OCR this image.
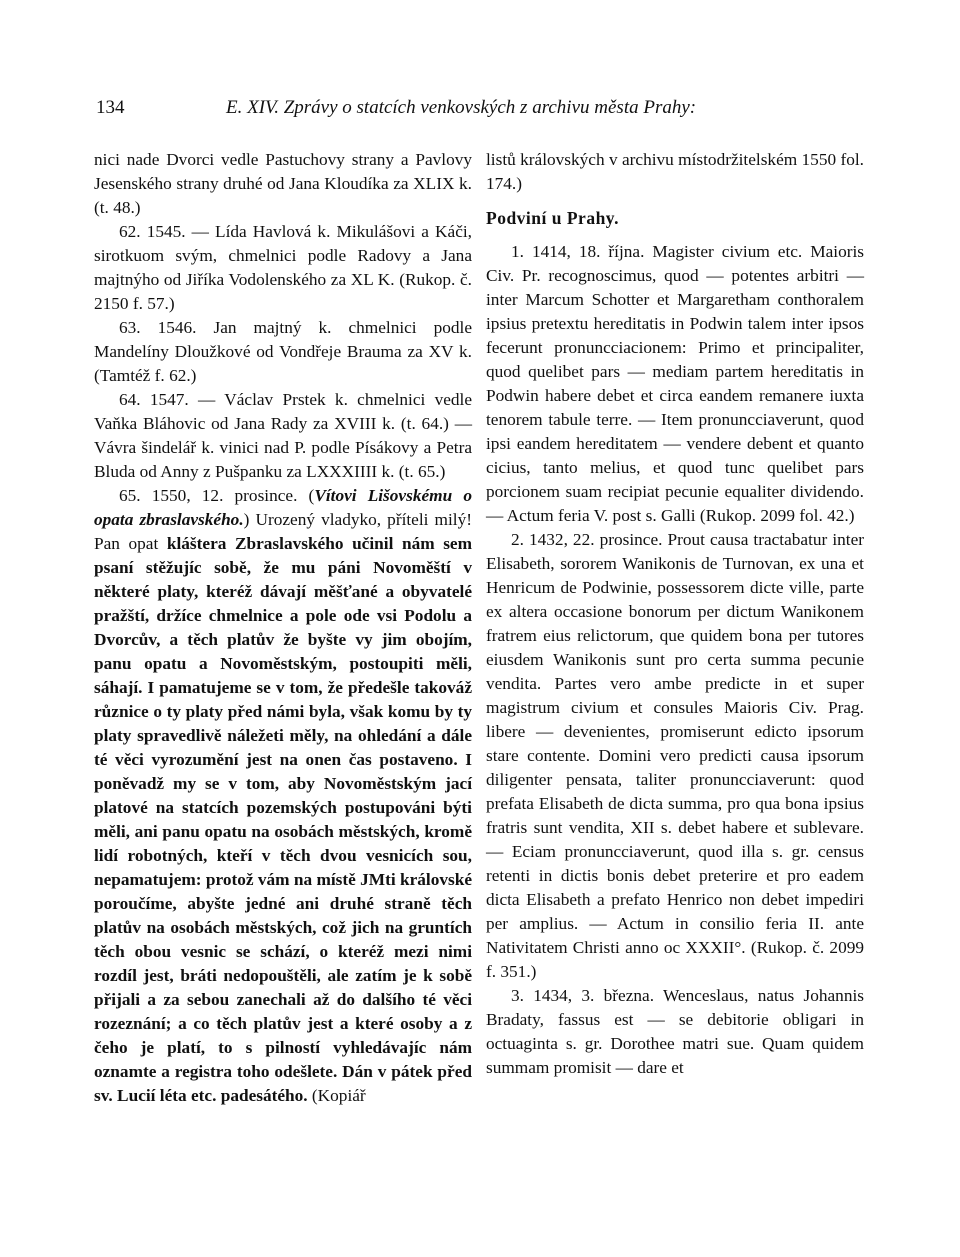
134	E. XIV. Zprávy o statcích venkovských z archivu města Prahy:

nici nade Dvorci vedle Pastuchovy strany a Pavlovy Jesenského strany druhé od Jana Kloudíka za XLIX k. (t. 48.)

62. 1545. — Lída Havlová k. Mikulášovi a Káči, sirotkuom svým, chmelnici podle Radovy a Jana majtnýho od Jiříka Vodolenského za XL K. (Rukop. č. 2150 f. 57.)

63. 1546. Jan majtný k. chmelnici podle Mandelíny Dloužkové od Vondřeje Brauma za XV k. (Tamtéž f. 62.)

64. 1547. — Václav Prstek k. chmelnici vedle Vaňka Bláhovic od Jana Rady za XVIII k. (t. 64.) — Vávra šindelář k. vinici nad P. podle Písákovy a Petra Bluda od Anny z Pušpanku za LXXXIIII k. (t. 65.)

65. 1550, 12. prosince. (Vítovi Lišovskému o opata zbraslavského.) Urozený vladyko, příteli milý! Pan opat kláštera Zbraslavského učinil nám sem psaní stěžujíc sobě, že mu páni Novoměští v některé platy, kteréž dávají měšťané a obyvatelé pražští, držíce chmelnice a pole ode vsi Podolu a Dvorcův, a těch platův že byšte vy jim obojím, panu opatu a Novoměstským, postoupiti měli, sáhají. I pamatujeme se v tom, že předešle takováž různice o ty platy před námi byla, však komu by ty platy spravedlivě náležeti měly, na ohledání a dále té věci vyrozumění jest na onen čas postaveno. I poněvadž my se v tom, aby Novoměstským jací platové na statcích pozemských postupováni býti měli, ani panu opatu na osobách městských, kromě lidí robotných, kteří v těch dvou vesnicích sou, nepamatujem: protož vám na místě JMti královské poroučíme, abyšte jedné ani druhé straně těch platův na osobách městských, což jich na gruntích těch obou vesnic se schází, o kteréž mezi nimi rozdíl jest, bráti nedopouštěli, ale zatím je k sobě přijali a za sebou zanechali až do dalšího té věci rozeznání; a co těch platův jest a které osoby a z čeho je platí, to s pilností vyhledávajíc nám oznamte a registra toho odešlete. Dán v pátek před sv. Lucií léta etc. padesátého. (Kopiář

listů královských v archivu místodržitelském 1550 fol. 174.)

Podviní u Prahy.

1. 1414, 18. října. Magister civium etc. Maioris Civ. Pr. recognoscimus, quod — potentes arbitri — inter Marcum Schotter et Margaretham conthoralem ipsius pretextu hereditatis in Podwin talem inter ipsos fecerunt pronuncciacionem: Primo et principaliter, quod quelibet pars — mediam partem hereditatis in Podwin habere debet et circa eandem remanere iuxta tenorem tabule terre. — Item pronuncciaverunt, quod ipsi eandem hereditatem — vendere debent et quanto cicius, tanto melius, et quod tunc quelibet pars porcionem suam recipiat pecunie equaliter dividendo. — Actum feria V. post s. Galli (Rukop. 2099 fol. 42.)

2. 1432, 22. prosince. Prout causa tractabatur inter Elisabeth, sororem Wanikonis de Turnovan, ex una et Henricum de Podwinie, possessorem dicte ville, parte ex altera occasione bonorum per dictum Wanikonem fratrem eius relictorum, que quidem bona per tutores eiusdem Wanikonis sunt pro certa summa pecunie vendita. Partes vero ambe predicte in et super magistrum civium et consules Maioris Civ. Prag. libere — devenientes, promiserunt edicto ipsorum stare contente. Domini vero predicti causa ipsorum diligenter pensata, taliter pronuncciaverunt: quod prefata Elisabeth de dicta summa, pro qua bona ipsius fratris sunt vendita, XII s. debet habere et sublevare. — Eciam pronuncciaverunt, quod illa s. gr. census retenti in dictis bonis debet preterire et pro eadem dicta Elisabeth a prefato Henrico non debet impediri per amplius. — Actum in consilio feria II. ante Nativitatem Christi anno oc XXXII°. (Rukop. č. 2099 f. 351.)

3. 1434, 3. března. Wenceslaus, natus Johannis Bradaty, fassus est — se debitorie obligari in octuaginta s. gr. Dorothee matri sue. Quam quidem summam promisit — dare et
